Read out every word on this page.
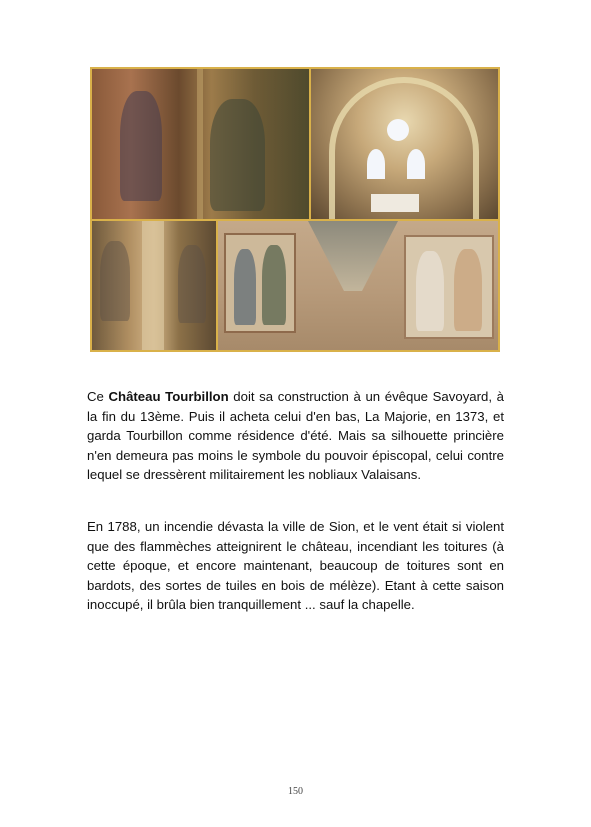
Ce Château Tourbillon doit sa construction à un évêque Savoyard, à la fin du 13ème. Puis il acheta celui d'en bas, La Majorie, en 1373, et garda Tourbillon comme résidence d'été. Mais sa silhouette princière n'en demeura pas moins le symbole du pouvoir épiscopal, celui contre lequel se dressèrent militairement les nobliaux Valaisans.

En 1788, un incendie dévasta la ville de Sion, et le vent était si violent que des flammèches atteignirent le château, incendiant les toitures (à cette époque, et encore maintenant, beaucoup de toitures sont en bardots, des sortes de tuiles en bois de mélèze). Etant à cette saison inoccupé, il brûla bien tranquillement ... sauf la chapelle.

150
